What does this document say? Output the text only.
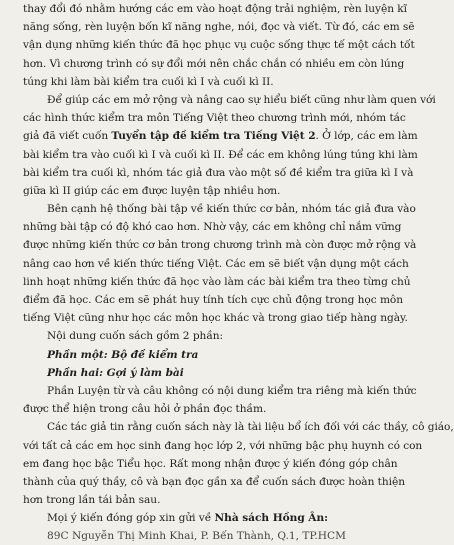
thay đổi đó nhằm hướng các em vào hoạt động trải nghiệm, rèn luyện kĩ
năng sống, rèn luyện bốn kĩ năng nghe, nói, đọc và viết. Từ đó, các em sẽ
vận dụng những kiến thức đã học phục vụ cuộc sống thực tế một cách tốt
hơn. Vì chương trình có sự đổi mới nên chắc chắn có nhiều em còn lúng
túng khi làm bài kiểm tra cuối kì I và cuối kì II.
Để giúp các em mở rộng và nâng cao sự hiểu biết cũng như làm quen với
các hình thức kiểm tra môn Tiếng Việt theo chương trình mới, nhóm tác
giả đã viết cuốn Tuyển tập đề kiểm tra Tiếng Việt 2. Ở lớp, các em làm
bài kiểm tra vào cuối kì I và cuối kì II. Để các em không lúng túng khi làm
bài kiểm tra cuối kì, nhóm tác giả đưa vào một số đề kiểm tra giữa kì I và
giữa kì II giúp các em được luyện tập nhiều hơn.
Bên cạnh hệ thống bài tập về kiến thức cơ bản, nhóm tác giả đưa vào
những bài tập có độ khó cao hơn. Nhờ vậy, các em không chỉ nắm vững
được những kiến thức cơ bản trong chương trình mà còn được mở rộng và
nâng cao hơn về kiến thức tiếng Việt. Các em sẽ biết vận dụng một cách
linh hoạt những kiến thức đã học vào làm các bài kiểm tra theo từng chủ
điểm đã học. Các em sẽ phát huy tính tích cực chủ động trong học môn
tiếng Việt cũng như học các môn học khác và trong giao tiếp hàng ngày.
Nội dung cuốn sách gồm 2 phần:
Phần một: Bộ đề kiểm tra
Phần hai: Gợi ý làm bài
Phần Luyện từ và câu không có nội dung kiểm tra riêng mà kiến thức
được thể hiện trong câu hỏi ở phần đọc thầm.
Các tác giả tin rằng cuốn sách này là tài liệu bổ ích đối với các thầy, cô giáo,
với tất cả các em học sinh đang học lớp 2, với những bậc phụ huynh có con
em đang học bậc Tiểu học. Rất mong nhận được ý kiến đóng góp chân
thành của quý thầy, cô và bạn đọc gần xa để cuốn sách được hoàn thiện
hơn trong lần tái bản sau.
Mọi ý kiến đóng góp xin gửi về Nhà sách Hồng Ân:
89C Nguyễn Thị Minh Khai, P. Bến Thành, Q.1, TP.HCM
